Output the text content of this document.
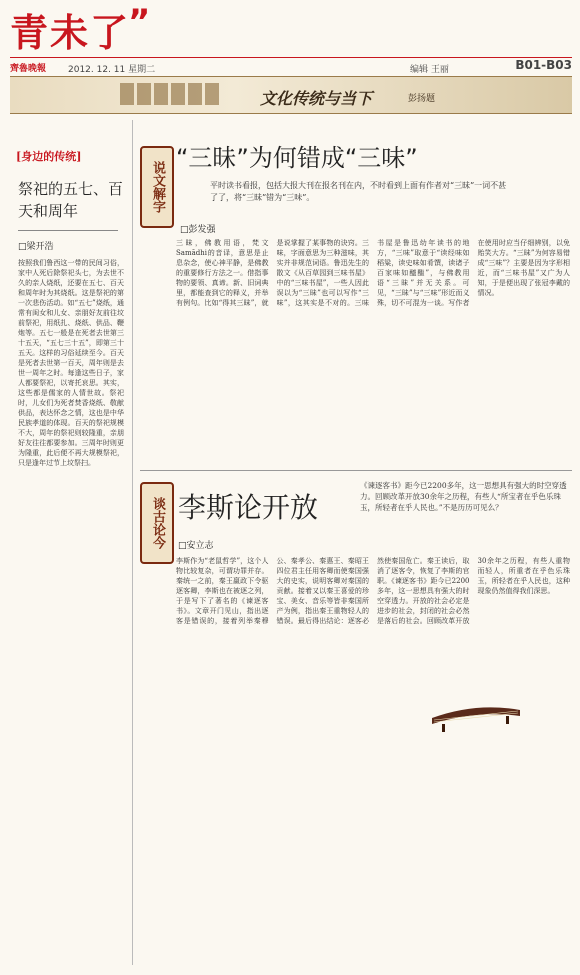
青未了
”
齊魯晚報 2012. 12. 11 星期二	编辑 王丽	B01-B03
文化传统与当下	彭扬题
[ 身边的传统 ]
祭祀的五七、百天和周年
□梁开浩
按照我们鲁西这一带的民间习俗，家中人死后除祭祀头七，为去世不久的亲人烧纸，还要在五七、百天和周年时为其烧纸。这是祭祀的第一次悲伤活动。如“五七”烧纸，通常有闺女和儿女、亲朋好友前往坟前祭祀，用纸扎、烧纸、供品、鞭炮等。五七一般是在死者去世第三十五天，“五七三十五”，即第三十五天。这样的习俗延续至今。百天是死者去世第一百天，周年则是去世一周年之时。每逢这些日子，家人都要祭祀，以寄托哀思。其实，这些都是儒家的人情世故。祭祀时，儿女们为死者焚香烧纸、敬献供品，表达怀念之情，这也是中华民族孝道的体现。百天的祭祀规模不大，周年的祭祀则较隆重，亲朋好友往往都要参加。三周年时则更为隆重，此后便不再大规模祭祀，只是逢年过节上坟祭扫。
说文解字
“三昧”为何错成“三味”
平时读书看报，包括大报大刊在报名刊在内，不时看到上面有作者对“三昧”一词不甚了了，将“三昧”错为“三味”。
□彭发强
三昧，佛教用语，梵文Samādhi的音译，意思是止息杂念，使心神平静，是佛教的重要修行方法之一。借指事物的要领、真谛。新、旧词典里，都能查到它的释义，并举有例句。比如“得其三昧”，就是说掌握了某事物的诀窍。三味，字面意思为三种滋味，其实并非规范词语。鲁迅先生的散文《从百草园到三味书屋》中的“三味书屋”，一些人因此误以为“三昧”也可以写作“三味”，这其实是不对的。三味书屋是鲁迅幼年读书的地方，“三味”取意于“读经味如稻粱，读史味如肴馔，读诸子百家味如醯醢”，与佛教用语“三昧”并无关系。可见，“三昧”与“三味”形近而义殊，切不可混为一谈。写作者在使用时应当仔细辨别，以免贻笑大方。“三昧”为何容易错成“三味”？主要是因为字形相近，而“三味书屋”又广为人知，于是便出现了张冠李戴的情况。
谈古论今 李斯论开放
《谏逐客书》距今已2200多年，这一思想具有强大的时空穿透力。回顾改革开放30余年之历程，有些人“所宝者在乎色乐珠玉，所轻者在乎人民也。”不是历历可见么？
□安立志
李斯作为“老鼠哲学”，这个人物比较复杂，可谓功罪并存。秦统一之前，秦王嬴政下令驱逐客卿，李斯也在被逐之列，于是写下了著名的《谏逐客书》。文章开门见山，指出逐客是错误的，接着列举秦穆公、秦孝公、秦惠王、秦昭王四位君主任用客卿而使秦国强大的史实，说明客卿对秦国的贡献。接着又以秦王喜爱的珍宝、美女、音乐等皆非秦国所产为例，指出秦王重物轻人的错误。最后得出结论：逐客必然使秦国危亡。秦王读后，取消了逐客令，恢复了李斯的官职。《谏逐客书》距今已2200多年，这一思想具有强大的时空穿透力。开放的社会必定是进步的社会，封闭的社会必然是落后的社会。回顾改革开放30余年之历程，有些人重物而轻人，所重者在乎色乐珠玉，所轻者在乎人民也，这种现象仍然值得我们深思。
